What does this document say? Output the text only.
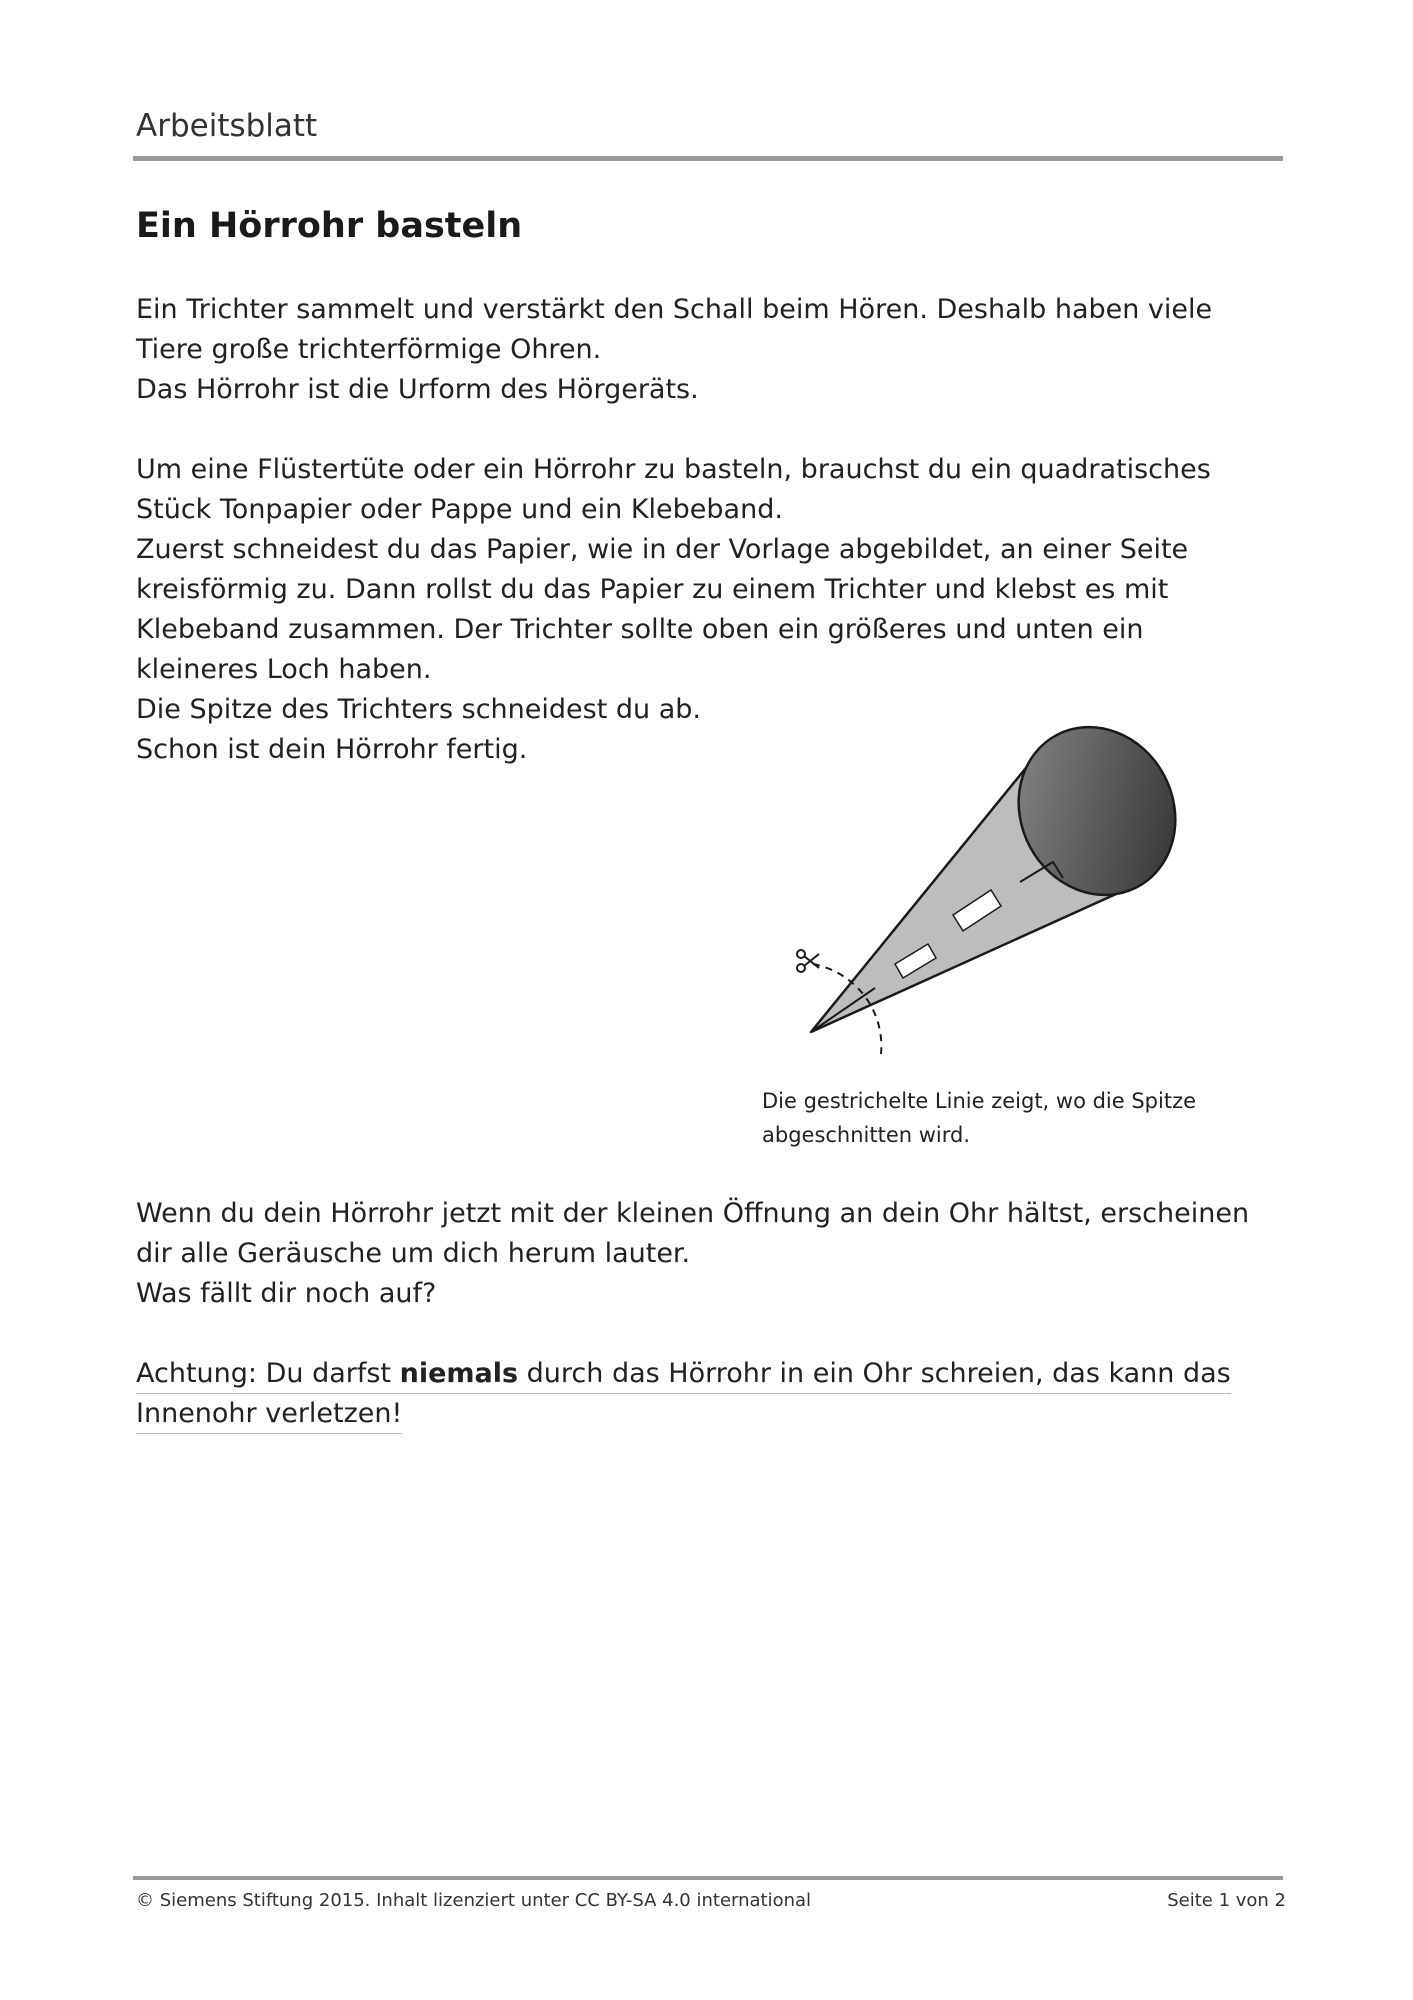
Arbeitsblatt
Ein Hörrohr basteln

Ein Trichter sammelt und verstärkt den Schall beim Hören. Deshalb haben viele

Tiere große trichterförmige Ohren.

Das Hörrohr ist die Urform des Hörgeräts.

Um eine Flüstertüte oder ein Hörrohr zu basteln, brauchst du ein quadratisches

Stück Tonpapier oder Pappe und ein Klebeband.

Zuerst schneidest du das Papier, wie in der Vorlage abgebildet, an einer Seite

kreisförmig zu. Dann rollst du das Papier zu einem Trichter und klebst es mit

Klebeband zusammen. Der Trichter sollte oben ein größeres und unten ein

kleineres Loch haben.

Die Spitze des Trichters schneidest du ab.

Schon ist dein Hörrohr fertig.

Die gestrichelte Linie zeigt, wo die Spitze
abgeschnitten wird.

Wenn du dein Hörrohr jetzt mit der kleinen Öffnung an dein Ohr hältst, erscheinen

dir alle Geräusche um dich herum lauter.

Was fällt dir noch auf?

Achtung: Du darfst niemals durch das Hörrohr in ein Ohr schreien, das kann das
Innenohr verletzen!
© Siemens Stiftung 2015. Inhalt lizenziert unter CC BY-SA 4.0 international	Seite 1 von 2
